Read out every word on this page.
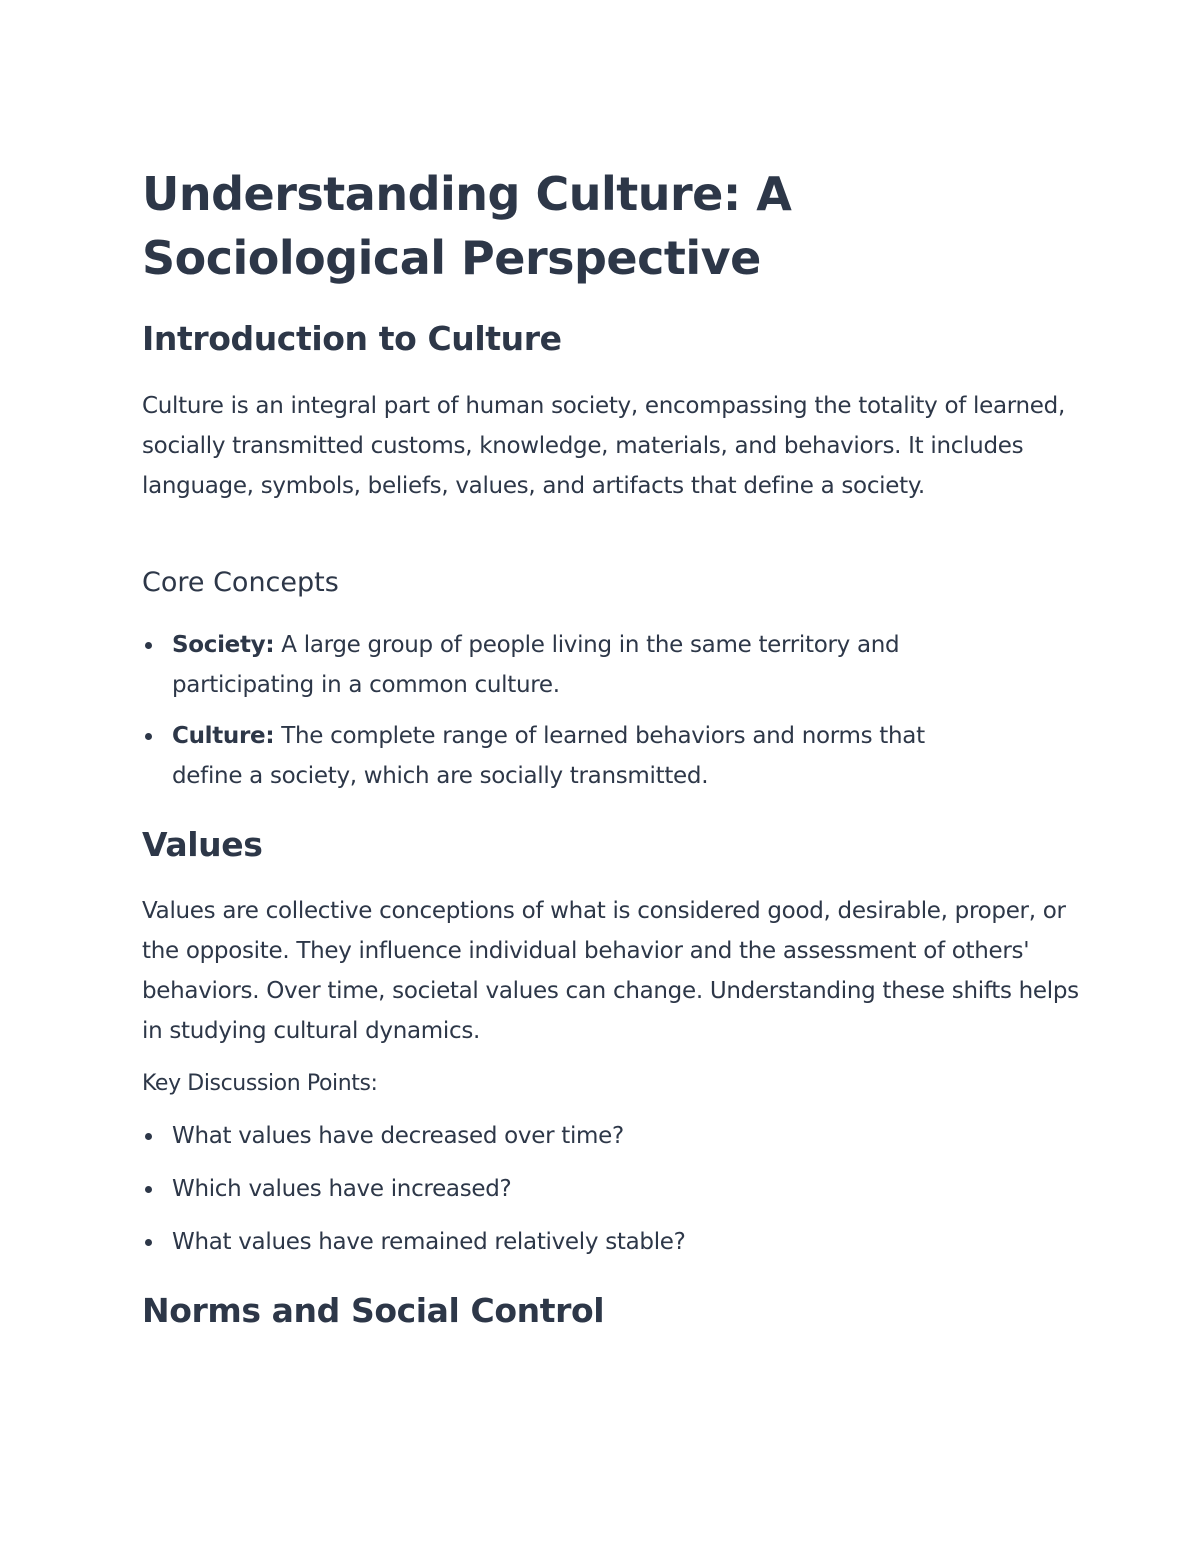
Understanding Culture: A Sociological Perspective
Introduction to Culture

Culture is an integral part of human society, encompassing the totality of learned, socially transmitted customs, knowledge, materials, and behaviors. It includes language, symbols, beliefs, values, and artifacts that define a society.

Core Concepts
Society: A large group of people living in the same territory and participating in a common culture.
Culture: The complete range of learned behaviors and norms that define a society, which are socially transmitted.
Values

Values are collective conceptions of what is considered good, desirable, proper, or the opposite. They influence individual behavior and the assessment of others' behaviors. Over time, societal values can change. Understanding these shifts helps in studying cultural dynamics.

Key Discussion Points:

What values have decreased over time?
Which values have increased?
What values have remained relatively stable?
Norms and Social Control
